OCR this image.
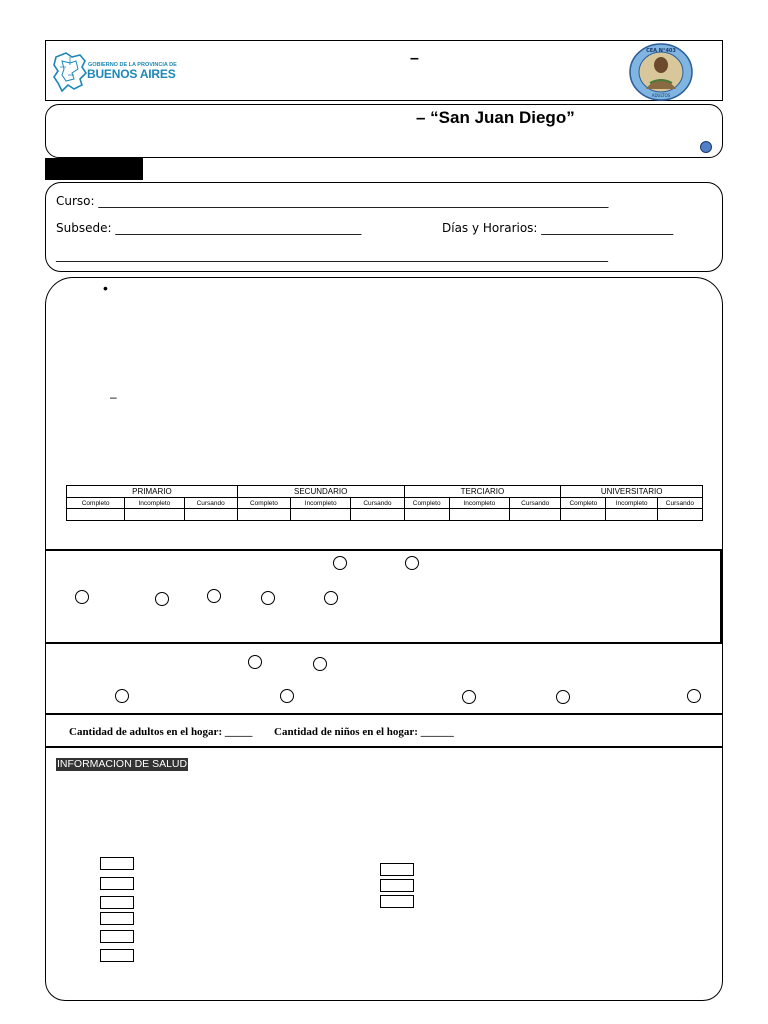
GOBIERNO DE LA PROVINCIA DE
BUENOS AIRES
–	CEA N°403
ADULTOS
– “San Juan Diego”
Curso: _____________________________________________________________________________________
Subsede: _________________________________________	Días y Horarios: ______________________
____________________________________________________________________________________________
•
–
PRIMARIO			SECUNDARIO			TERCIARIO			UNIVERSITARIO		
Completo	Incompleto	Cursando	Completo	Incompleto	Cursando	Completo	Incompleto	Cursando	Completo	Incompleto	Cursando

Cantidad de adultos en el hogar: _____ Cantidad de niños en el hogar: ______
INFORMACION DE SALUD
